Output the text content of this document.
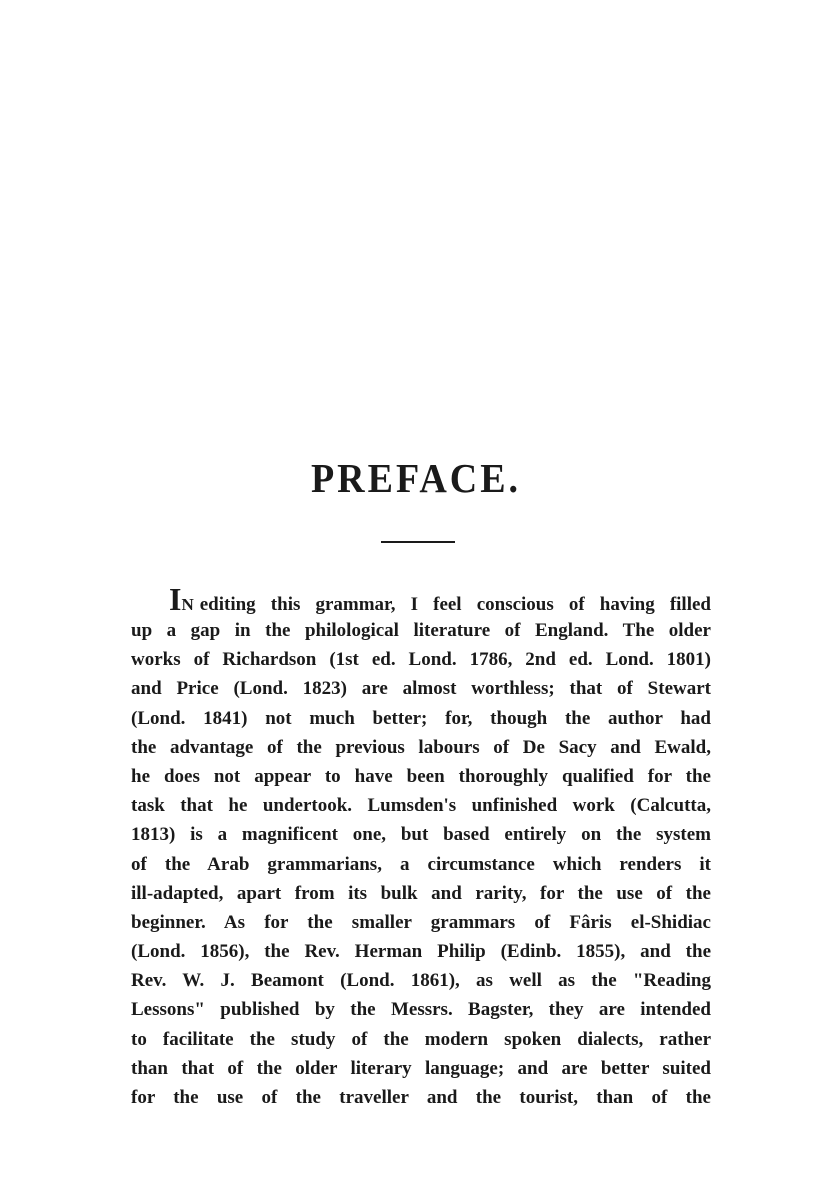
PREFACE.
IN editing this grammar, I feel conscious of having filled
up a gap in the philological literature of England. The older
works of Richardson (1st ed. Lond. 1786, 2nd ed. Lond. 1801)
and Price (Lond. 1823) are almost worthless; that of Stewart
(Lond. 1841) not much better; for, though the author had
the advantage of the previous labours of De Sacy and Ewald,
he does not appear to have been thoroughly qualified for the
task that he undertook. Lumsden's unfinished work (Calcutta,
1813) is a magnificent one, but based entirely on the system
of the Arab grammarians, a circumstance which renders it
ill-adapted, apart from its bulk and rarity, for the use of the
beginner. As for the smaller grammars of Fâris el-Shidiac
(Lond. 1856), the Rev. Herman Philip (Edinb. 1855), and the
Rev. W. J. Beamont (Lond. 1861), as well as the "Reading
Lessons" published by the Messrs. Bagster, they are intended
to facilitate the study of the modern spoken dialects, rather
than that of the older literary language; and are better suited
for the use of the traveller and the tourist, than of the
